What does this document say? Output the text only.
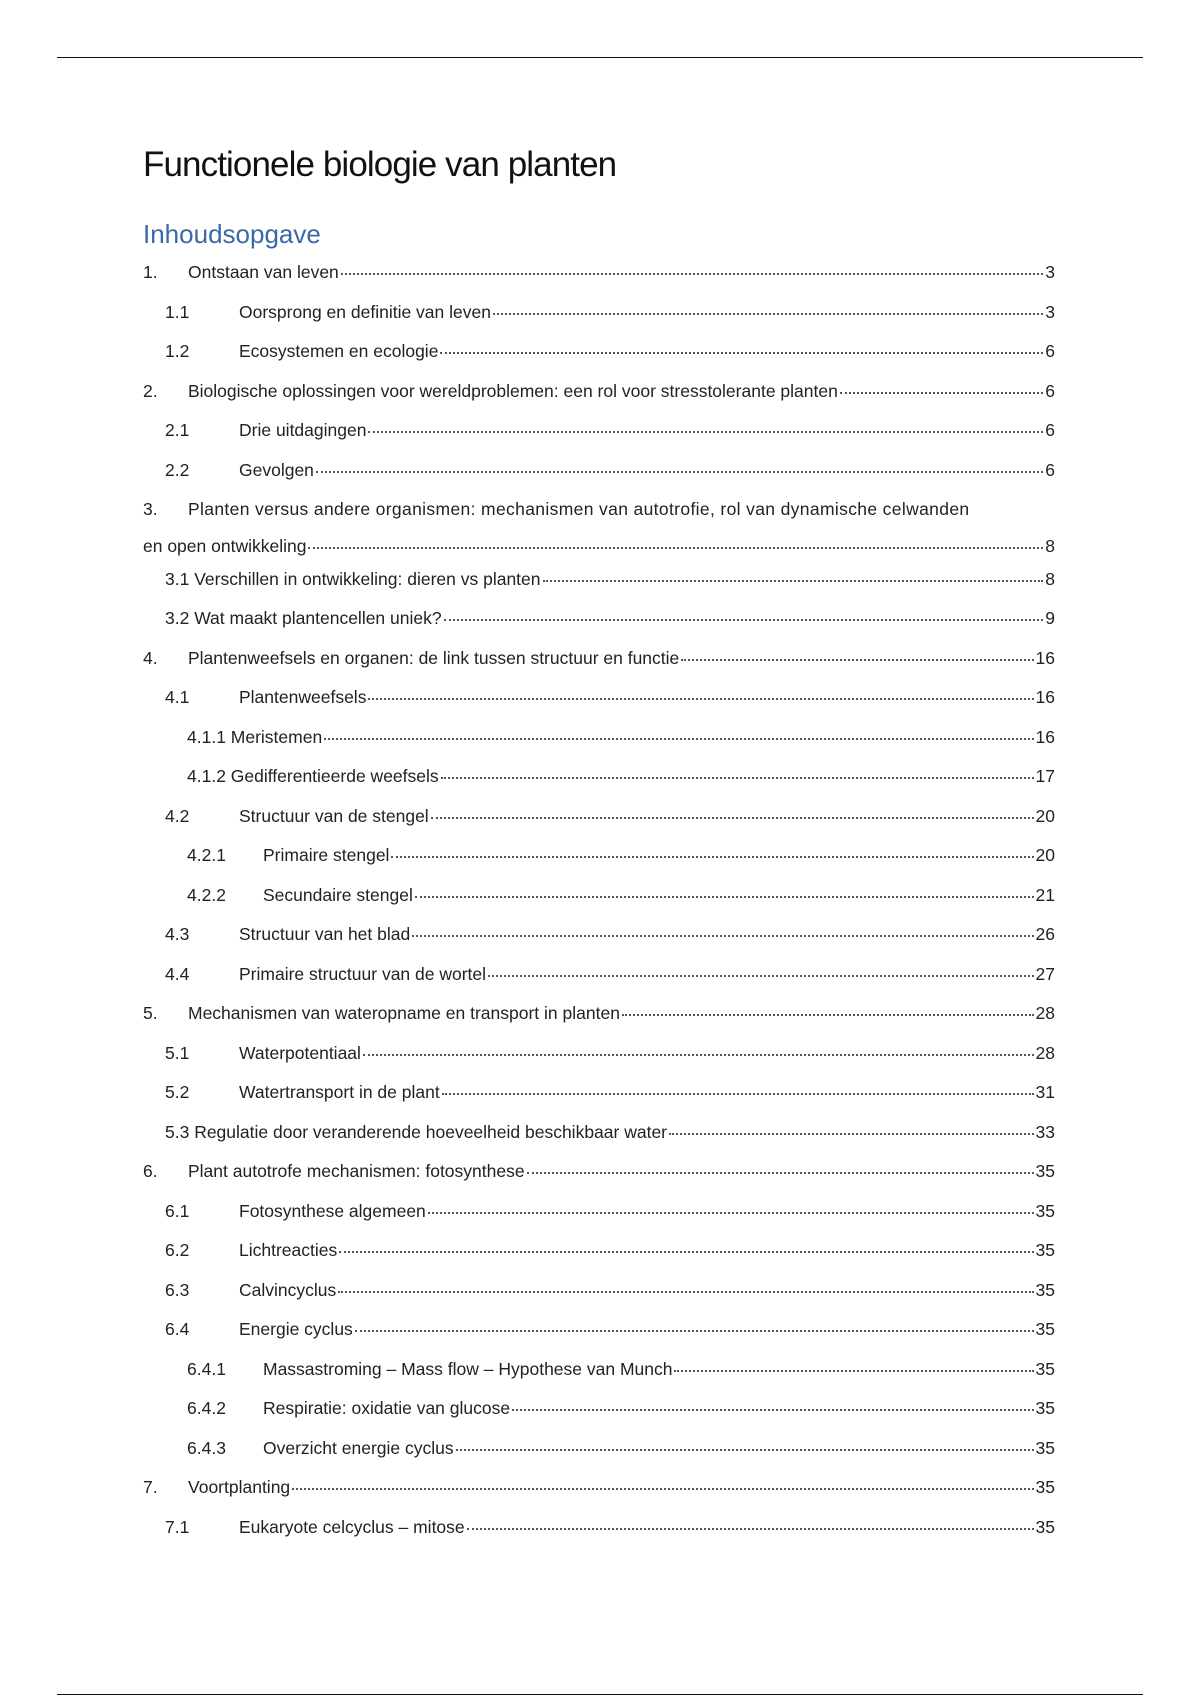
Functionele biologie van planten
Inhoudsopgave
1.	Ontstaan van leven	3
1.1	Oorsprong en definitie van leven	3
1.2	Ecosystemen en ecologie	6
2.	Biologische oplossingen voor wereldproblemen: een rol voor stresstolerante planten	6
2.1	Drie uitdagingen	6
2.2	Gevolgen	6
3.	Planten versus andere organismen: mechanismen van autotrofie, rol van dynamische celwanden
en open ontwikkeling	8
3.1 Verschillen in ontwikkeling: dieren vs planten	8
3.2 Wat maakt plantencellen uniek?	9
4.	Plantenweefsels en organen: de link tussen structuur en functie	16
4.1	Plantenweefsels	16
4.1.1 Meristemen	16
4.1.2 Gedifferentieerde weefsels	17
4.2	Structuur van de stengel	20
4.2.1	Primaire stengel	20
4.2.2	Secundaire stengel	21
4.3	Structuur van het blad	26
4.4	Primaire structuur van de wortel	27
5.	Mechanismen van wateropname en transport in planten	28
5.1	Waterpotentiaal	28
5.2	Watertransport in de plant	31
5.3 Regulatie door veranderende hoeveelheid beschikbaar water	33
6.	Plant autotrofe mechanismen: fotosynthese	35
6.1	Fotosynthese algemeen	35
6.2	Lichtreacties	35
6.3	Calvincyclus	35
6.4	Energie cyclus	35
6.4.1	Massastroming – Mass flow – Hypothese van Munch	35
6.4.2	Respiratie: oxidatie van glucose	35
6.4.3	Overzicht energie cyclus	35
7.	Voortplanting	35
7.1	Eukaryote celcyclus – mitose	35
